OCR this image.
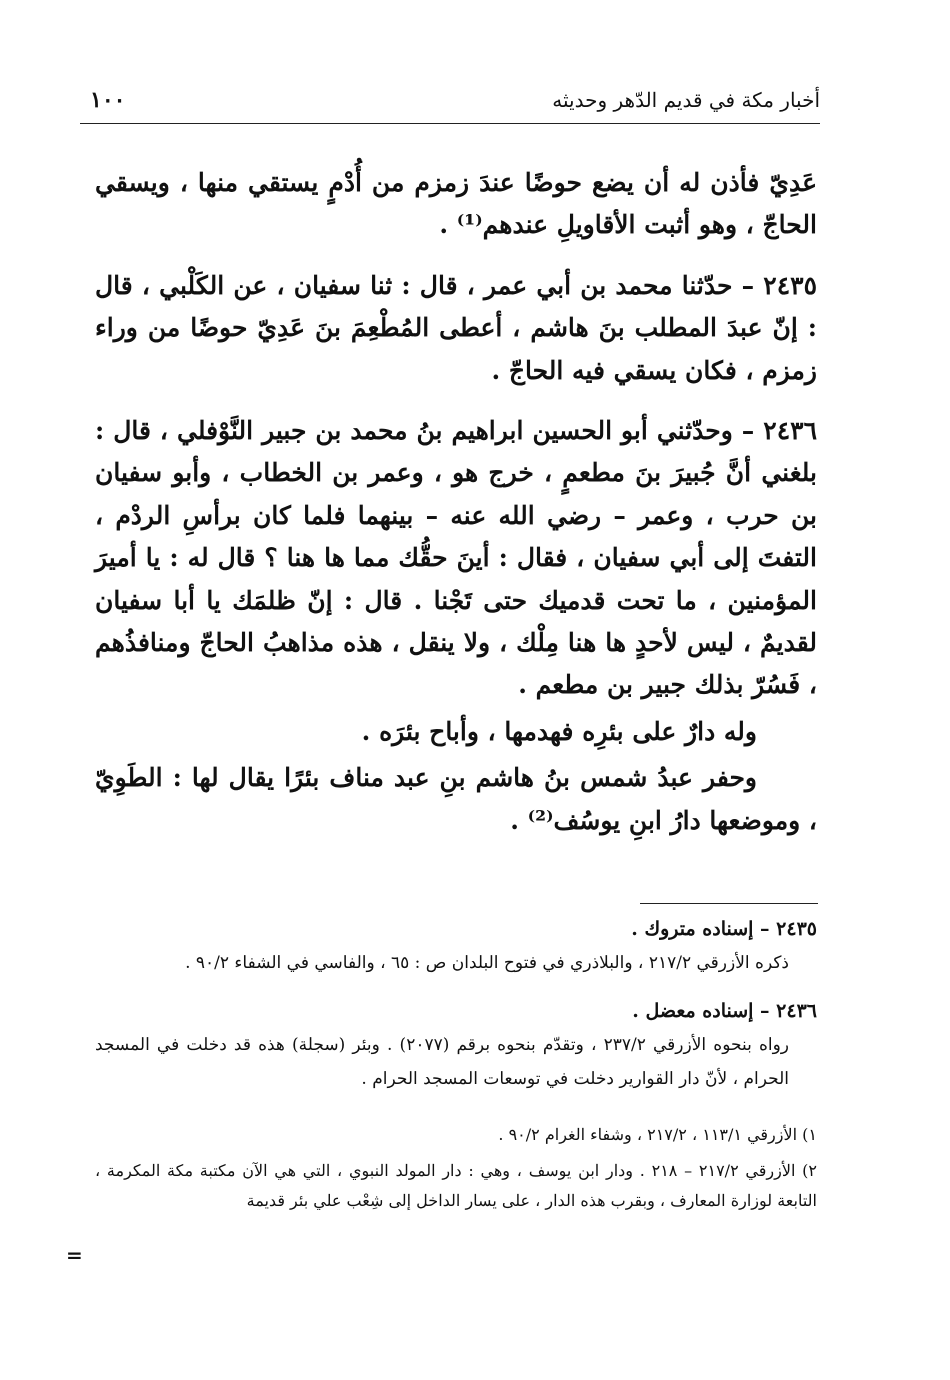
أخبار مكة في قديم الدّهر وحديثه
١٠٠

عَدِيّ فأذن له أن يضع حوضًا عندَ زمزم من أُدْمٍ يستقي منها ، ويسقي الحاجّ ، وهو أثبت الأقاويلِ عندهم⁽¹⁾ .

٢٤٣٥ – حدّثنا محمد بن أبي عمر ، قال : ثنا سفيان ، عن الكَلْبي ، قال : إنّ عبدَ المطلب بنَ هاشم ، أعطى المُطْعِمَ بنَ عَدِيّ حوضًا من وراء زمزم ، فكان يسقي فيه الحاجّ .

٢٤٣٦ – وحدّثني أبو الحسين ابراهيم بنُ محمد بن جبير النَّوْفلي ، قال : بلغني أنَّ جُبيرَ بنَ مطعمٍ ، خرج هو ، وعمر بن الخطاب ، وأبو سفيان بن حرب ، وعمر – رضي الله عنه – بينهما فلما كان برأسِ الردْم ، التفتَ إلى أبي سفيان ، فقال : أينَ حقُّك مما ها هنا ؟ قال له : يا أميرَ المؤمنين ، ما تحت قدميك حتى تَجْنا . قال : إنّ ظلمَك يا أبا سفيان لقديمٌ ، ليس لأحدٍ ها هنا مِلْك ، ولا ينقل ، هذه مذاهبُ الحاجّ ومنافذُهم ، فَسُرّ بذلك جبير بن مطعم .

وله دارٌ على بئرِه فهدمها ، وأباح بئرَه .

وحفر عبدُ شمس بنُ هاشم بنِ عبد مناف بئرًا يقال لها : الطَوِيّ ، وموضعها دارُ ابنِ يوسُف⁽²⁾ .

٢٤٣٥ – إسناده متروك .
ذكره الأزرقي ٢١٧/٢ ، والبلاذري في فتوح البلدان ص : ٦٥ ، والفاسي في الشفاء ٩٠/٢ .
٢٤٣٦ – إسناده معضل .
رواه بنحوه الأزرقي ٢٣٧/٢ ، وتقدّم بنحوه برقم (٢٠٧٧) . وبئر (سجلة) هذه قد دخلت في المسجد الحرام ، لأنّ دار القوارير دخلت في توسعات المسجد الحرام .

١) الأزرقي ١١٣/١ ، ٢١٧/٢ ، وشفاء الغرام ٩٠/٢ .

٢) الأزرقي ٢١٧/٢ – ٢١٨ . ودار ابن يوسف ، وهي : دار المولد النبوي ، التي هي الآن مكتبة مكة المكرمة ، التابعة لوزارة المعارف ، وبقرب هذه الدار ، على يسار الداخل إلى شِعْب علي بئر قديمة

=
